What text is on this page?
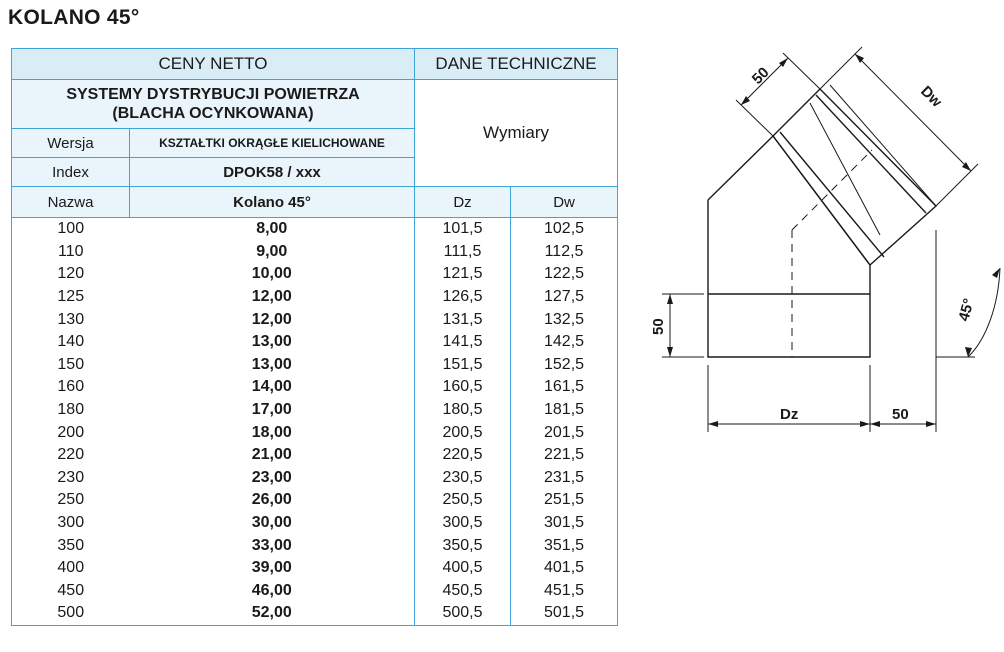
KOLANO 45°
CENY NETTO		DANE TECHNICZNE	

SYSTEMY DYSTRYBUCJI POWIETRZA
(BLACHA OCYNKOWANA)		Wymiary	
Wersja	KSZTAŁTKI OKRĄGŁE KIELICHOWANE		
Index	DPOK58 / xxx		
Nazwa	Kolano 45°	Dz	Dw
100	8,00	101,5	102,5
110	9,00	111,5	112,5
120	10,00	121,5	122,5
125	12,00	126,5	127,5
130	12,00	131,5	132,5
140	13,00	141,5	142,5
150	13,00	151,5	152,5
160	14,00	160,5	161,5
180	17,00	180,5	181,5
200	18,00	200,5	201,5
220	21,00	220,5	221,5
230	23,00	230,5	231,5
250	26,00	250,5	251,5
300	30,00	300,5	301,5
350	33,00	350,5	351,5
400	39,00	400,5	401,5
450	46,00	450,5	451,5
500	52,00	500,5	501,5
Dz	50
50
50
Dw
45°
